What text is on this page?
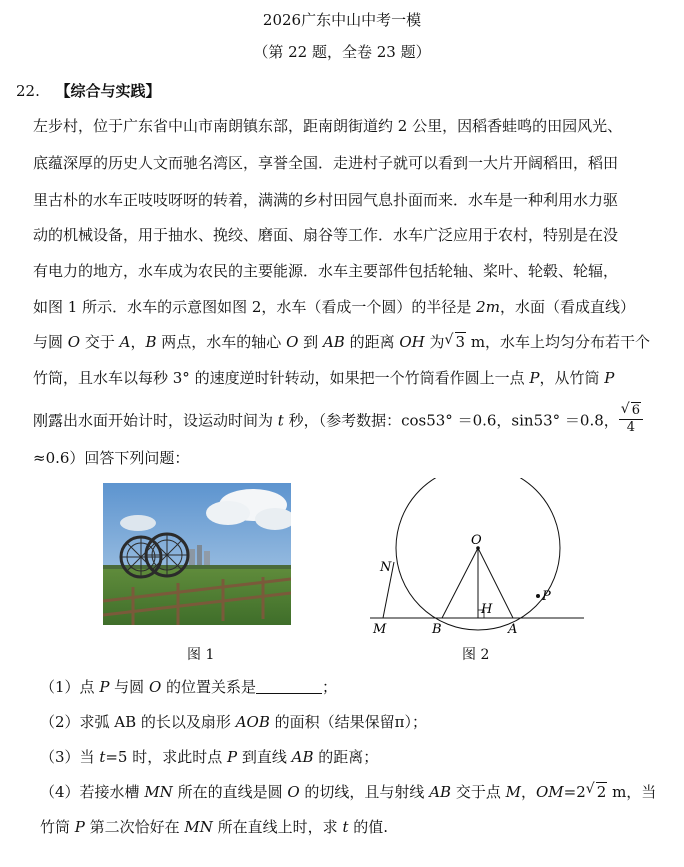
2026广东中山中考一模
（第 22 题，全卷 23 题）
22. 【综合与实践】
左步村，位于广东省中山市南朗镇东部，距南朗街道约 2 公里，因稻香蛙鸣的田园风光、
底蕴深厚的历史人文而驰名湾区，享誉全国．走进村子就可以看到一大片开阔稻田，稻田
里古朴的水车正吱吱呀呀的转着，满满的乡村田园气息扑面而来．水车是一种利用水力驱
动的机械设备，用于抽水、挽绞、磨面、扇谷等工作．水车广泛应用于农村，特别是在没
有电力的地方，水车成为农民的主要能源．水车主要部件包括轮轴、桨叶、轮毂、轮辐，
如图 1 所示．水车的示意图如图 2，水车（看成一个圆）的半径是 2m，水面（看成直线）
与圆 O 交于 A，B 两点，水车的轴心 O 到 AB 的距离 OH 为 √ 3 m，水车上均匀分布若干个
竹筒，且水车以每秒 3° 的速度逆时针转动，如果把一个竹筒看作圆上一点 P，从竹筒 P
刚露出水面开始计时，设运动时间为 t 秒，（参考数据：cos53° ＝0.6，sin53° ＝0.8， $\frac{√ 6}{4}$
≈0.6）回答下列问题：
O
N
M	B	A
H
P
图 1	图 2
（1）点 P 与圆 O 的位置关系是	；
（2）求弧 AB 的长以及扇形 AOB 的面积（结果保留π）；
（3）当 t=5 时，求此时点 P 到直线 AB 的距离；
（4）若接水槽 MN 所在的直线是圆 O 的切线，且与射线 AB 交于点 M，OM=2 √ 2 m，当
竹筒 P 第二次恰好在 MN 所在直线上时，求 t 的值.
